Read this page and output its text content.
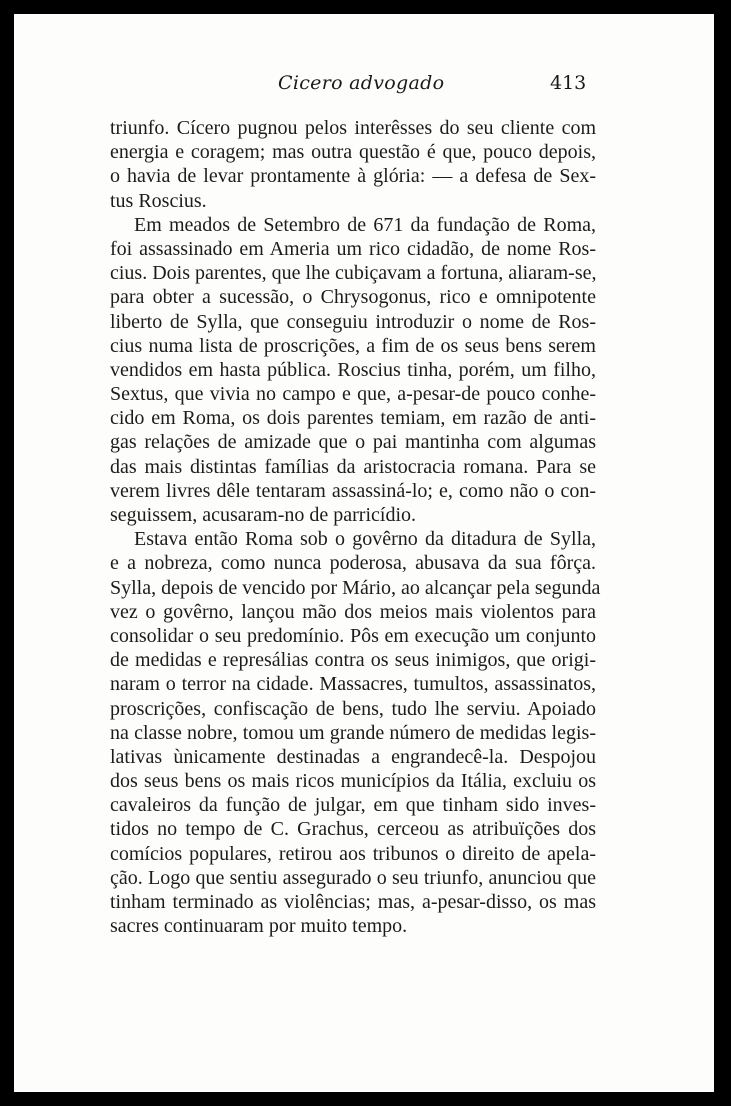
Cicero advogado	413
triunfo. Cícero pugnou pelos interêsses do seu cliente com
energia e coragem; mas outra questão é que, pouco depois,
o havia de levar prontamente à glória: — a defesa de Sex-
tus Roscius.
Em meados de Setembro de 671 da fundação de Roma,
foi assassinado em Ameria um rico cidadão, de nome Ros-
cius. Dois parentes, que lhe cubiçavam a fortuna, aliaram-se,
para obter a sucessão, o Chrysogonus, rico e omnipotente
liberto de Sylla, que conseguiu introduzir o nome de Ros-
cius numa lista de proscrições, a fim de os seus bens serem
vendidos em hasta pública. Roscius tinha, porém, um filho,
Sextus, que vivia no campo e que, a-pesar-de pouco conhe-
cido em Roma, os dois parentes temiam, em razão de anti-
gas relações de amizade que o pai mantinha com algumas
das mais distintas famílias da aristocracia romana. Para se
verem livres dêle tentaram assassiná-lo; e, como não o con-
seguissem, acusaram-no de parricídio.
Estava então Roma sob o govêrno da ditadura de Sylla,
e a nobreza, como nunca poderosa, abusava da sua fôrça.
Sylla, depois de vencido por Mário, ao alcançar pela segunda
vez o govêrno, lançou mão dos meios mais violentos para
consolidar o seu predomínio. Pôs em execução um conjunto
de medidas e represálias contra os seus inimigos, que origi-
naram o terror na cidade. Massacres, tumultos, assassinatos,
proscrições, confiscação de bens, tudo lhe serviu. Apoiado
na classe nobre, tomou um grande número de medidas legis-
lativas ùnicamente destinadas a engrandecê-la. Despojou
dos seus bens os mais ricos municípios da Itália, excluiu os
cavaleiros da função de julgar, em que tinham sido inves-
tidos no tempo de C. Grachus, cerceou as atribuïções dos
comícios populares, retirou aos tribunos o direito de apela-
ção. Logo que sentiu assegurado o seu triunfo, anunciou que
tinham terminado as violências; mas, a-pesar-disso, os mas
sacres continuaram por muito tempo.
